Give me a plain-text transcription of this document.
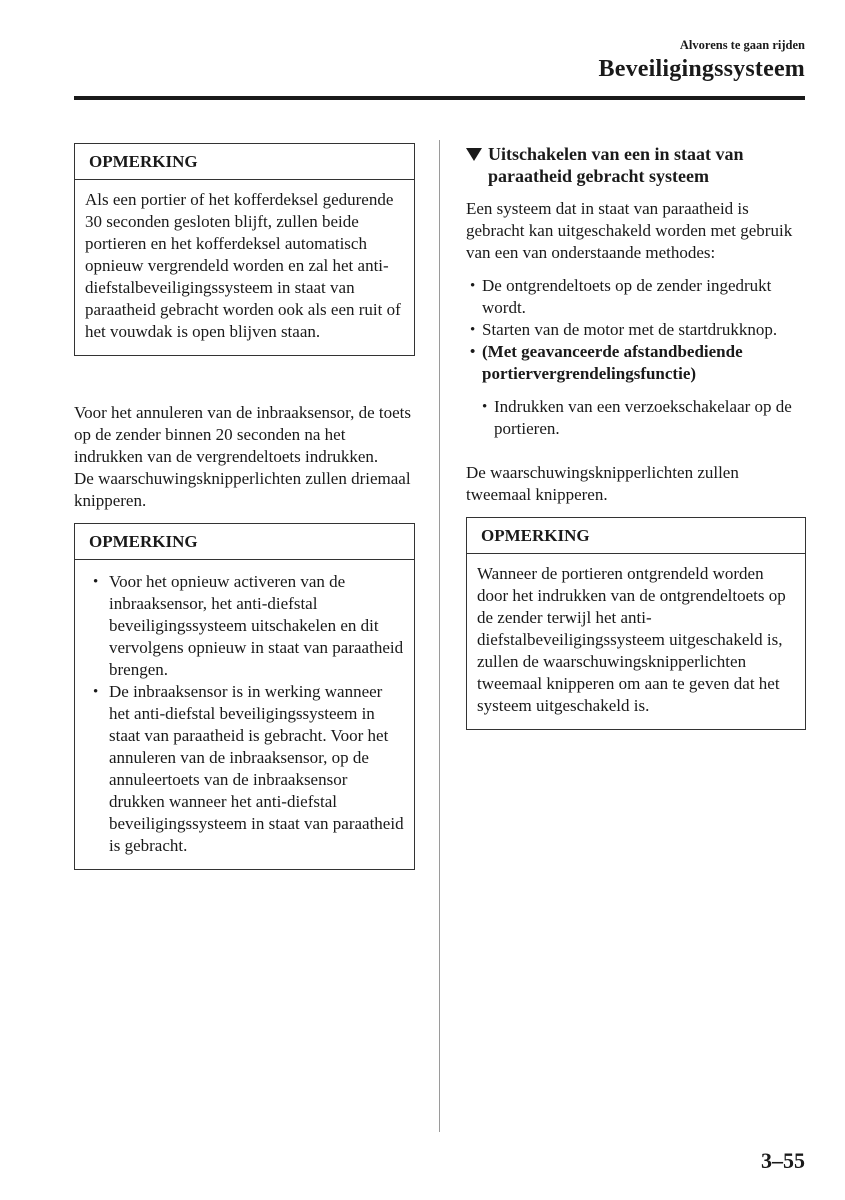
Alvorens te gaan rijden
Beveiligingssysteem
OPMERKING
Als een portier of het kofferdeksel gedurende 30 seconden gesloten blijft, zullen beide portieren en het kofferdeksel automatisch opnieuw vergrendeld worden en zal het anti-diefstalbeveiligingssysteem in staat van paraatheid gebracht worden ook als een ruit of het vouwdak is open blijven staan.

Voor het annuleren van de inbraaksensor, de toets op de zender binnen 20 seconden na het indrukken van de vergrendeltoets indrukken.

De waarschuwingsknipperlichten zullen driemaal knipperen.

OPMERKING
• Voor het opnieuw activeren van de inbraaksensor, het anti-diefstal beveiligingssysteem uitschakelen en dit vervolgens opnieuw in staat van paraatheid brengen.
• De inbraaksensor is in werking wanneer het anti-diefstal beveiligingssysteem in staat van paraatheid is gebracht. Voor het annuleren van de inbraaksensor, op de annuleertoets van de inbraaksensor drukken wanneer het anti-diefstal beveiligingssysteem in staat van paraatheid is gebracht.
Uitschakelen van een in staat van paraatheid gebracht systeem

Een systeem dat in staat van paraatheid is gebracht kan uitgeschakeld worden met gebruik van een van onderstaande methodes:

• De ontgrendeltoets op de zender ingedrukt wordt.
• Starten van de motor met de startdrukknop.
• (Met geavanceerde afstandbediende portiervergrendelingsfunctie)
• Indrukken van een verzoekschakelaar op de portieren.

De waarschuwingsknipperlichten zullen tweemaal knipperen.

OPMERKING
Wanneer de portieren ontgrendeld worden door het indrukken van de ontgrendeltoets op de zender terwijl het anti-diefstalbeveiligingssysteem uitgeschakeld is, zullen de waarschuwingsknipperlichten tweemaal knipperen om aan te geven dat het systeem uitgeschakeld is.
3–55
